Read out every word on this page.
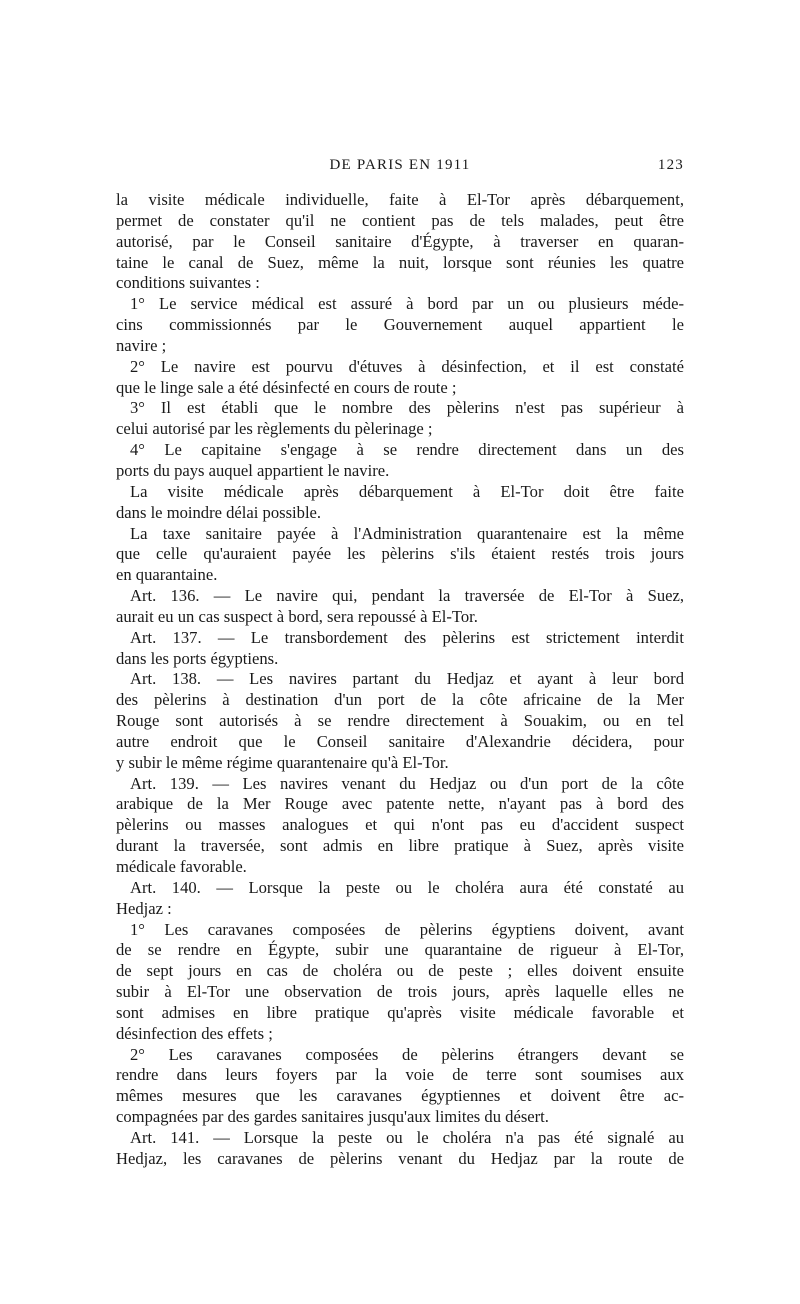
DE PARIS EN 1911	123

la visite médicale individuelle, faite à El-Tor après débarquement,
permet de constater qu'il ne contient pas de tels malades, peut être
autorisé, par le Conseil sanitaire d'Égypte, à traverser en quaran-
taine le canal de Suez, même la nuit, lorsque sont réunies les quatre
conditions suivantes :

1° Le service médical est assuré à bord par un ou plusieurs méde-
cins commissionnés par le Gouvernement auquel appartient le
navire ;

2° Le navire est pourvu d'étuves à désinfection, et il est constaté
que le linge sale a été désinfecté en cours de route ;

3° Il est établi que le nombre des pèlerins n'est pas supérieur à
celui autorisé par les règlements du pèlerinage ;

4° Le capitaine s'engage à se rendre directement dans un des
ports du pays auquel appartient le navire.

La visite médicale après débarquement à El-Tor doit être faite
dans le moindre délai possible.

La taxe sanitaire payée à l'Administration quarantenaire est la même
que celle qu'auraient payée les pèlerins s'ils étaient restés trois jours
en quarantaine.

Art. 136. — Le navire qui, pendant la traversée de El-Tor à Suez,
aurait eu un cas suspect à bord, sera repoussé à El-Tor.

Art. 137. — Le transbordement des pèlerins est strictement interdit
dans les ports égyptiens.

Art. 138. — Les navires partant du Hedjaz et ayant à leur bord
des pèlerins à destination d'un port de la côte africaine de la Mer
Rouge sont autorisés à se rendre directement à Souakim, ou en tel
autre endroit que le Conseil sanitaire d'Alexandrie décidera, pour
y subir le même régime quarantenaire qu'à El-Tor.

Art. 139. — Les navires venant du Hedjaz ou d'un port de la côte
arabique de la Mer Rouge avec patente nette, n'ayant pas à bord des
pèlerins ou masses analogues et qui n'ont pas eu d'accident suspect
durant la traversée, sont admis en libre pratique à Suez, après visite
médicale favorable.

Art. 140. — Lorsque la peste ou le choléra aura été constaté au
Hedjaz :

1° Les caravanes composées de pèlerins égyptiens doivent, avant
de se rendre en Égypte, subir une quarantaine de rigueur à El-Tor,
de sept jours en cas de choléra ou de peste ; elles doivent ensuite
subir à El-Tor une observation de trois jours, après laquelle elles ne
sont admises en libre pratique qu'après visite médicale favorable et
désinfection des effets ;

2° Les caravanes composées de pèlerins étrangers devant se
rendre dans leurs foyers par la voie de terre sont soumises aux
mêmes mesures que les caravanes égyptiennes et doivent être ac-
compagnées par des gardes sanitaires jusqu'aux limites du désert.

Art. 141. — Lorsque la peste ou le choléra n'a pas été signalé au
Hedjaz, les caravanes de pèlerins venant du Hedjaz par la route de
